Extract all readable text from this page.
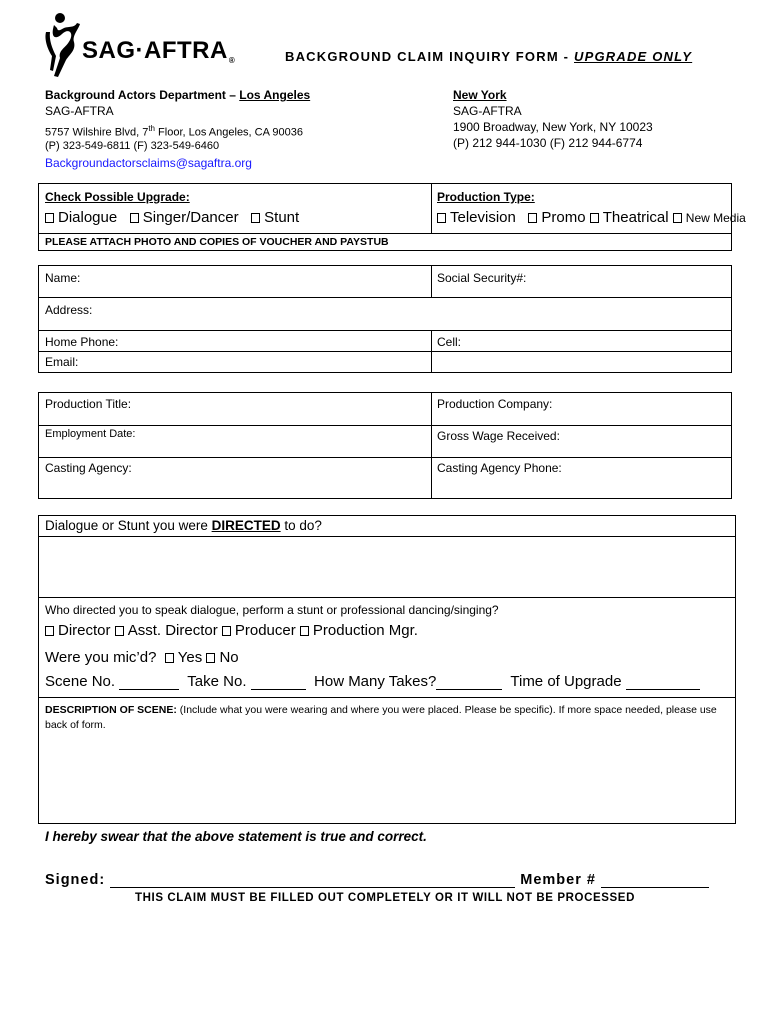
SAG·AFTRA®	BACKGROUND CLAIM INQUIRY FORM - UPGRADE ONLY
Background Actors Department – Los Angeles
SAG-AFTRA
5757 Wilshire Blvd, 7th Floor, Los Angeles, CA 90036
(P) 323-549-6811 (F) 323-549-6460
Backgroundactorsclaims@sagaftra.org
New York
SAG-AFTRA
1900 Broadway, New York, NY 10023
(P) 212 944-1030 (F) 212 944-6774
Check Possible Upgrade:
Dialogue Singer/Dancer Stunt
PLEASE ATTACH PHOTO AND COPIES OF VOUCHER AND PAYSTUB
Production Type:
Television Promo Theatrical New Media
Name:	Social Security#:
Address:
Home Phone:	Cell:
Email:
Production Title:	Production Company:
Employment Date:	Gross Wage Received:
Casting Agency:	Casting Agency Phone:
Dialogue or Stunt you were DIRECTED to do?
Who directed you to speak dialogue, perform a stunt or professional dancing/singing?
Director Asst. Director Producer Production Mgr.
Were you mic’d? Yes No
Scene No.	Take No.	How Many Takes?	Time of Upgrade
DESCRIPTION OF SCENE: (Include what you were wearing and where you were placed. Please be specific). If more space needed, please use back of form.
I hereby swear that the above statement is true and correct.
Signed:	Member #
THIS CLAIM MUST BE FILLED OUT COMPLETELY OR IT WILL NOT BE PROCESSED
